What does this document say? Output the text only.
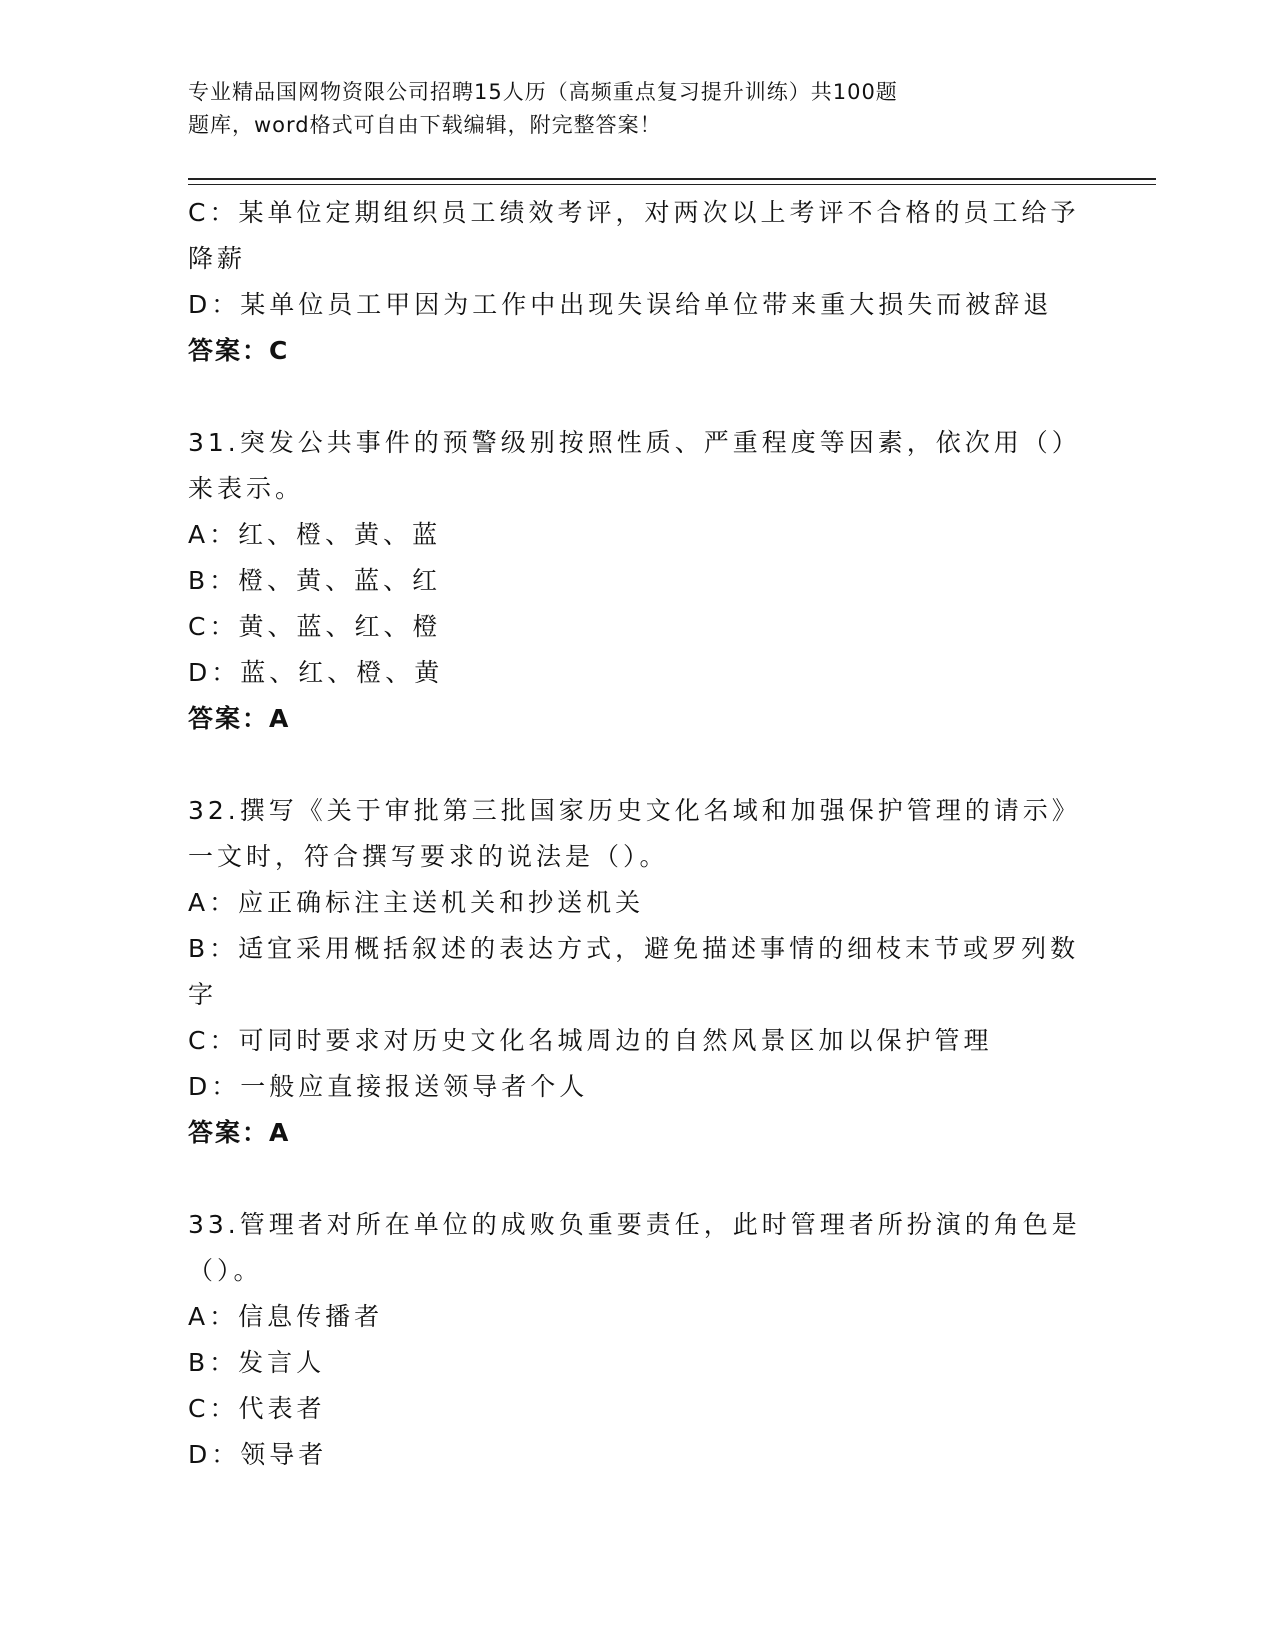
专业精品国网物资限公司招聘15人历（高频重点复习提升训练）共100题
题库，word格式可自由下载编辑，附完整答案！
C：某单位定期组织员工绩效考评，对两次以上考评不合格的员工给予
降薪
D：某单位员工甲因为工作中出现失误给单位带来重大损失而被辞退
答案：C
31.突发公共事件的预警级别按照性质、严重程度等因素，依次用（）
来表示。
A：红、橙、黄、蓝
B：橙、黄、蓝、红
C：黄、蓝、红、橙
D：蓝、红、橙、黄
答案：A
32.撰写《关于审批第三批国家历史文化名域和加强保护管理的请示》
一文时，符合撰写要求的说法是（）。
A：应正确标注主送机关和抄送机关
B：适宜采用概括叙述的表达方式，避免描述事情的细枝末节或罗列数
字
C：可同时要求对历史文化名城周边的自然风景区加以保护管理
D：一般应直接报送领导者个人
答案：A
33.管理者对所在单位的成败负重要责任，此时管理者所扮演的角色是
（）。
A：信息传播者
B：发言人
C：代表者
D：领导者
